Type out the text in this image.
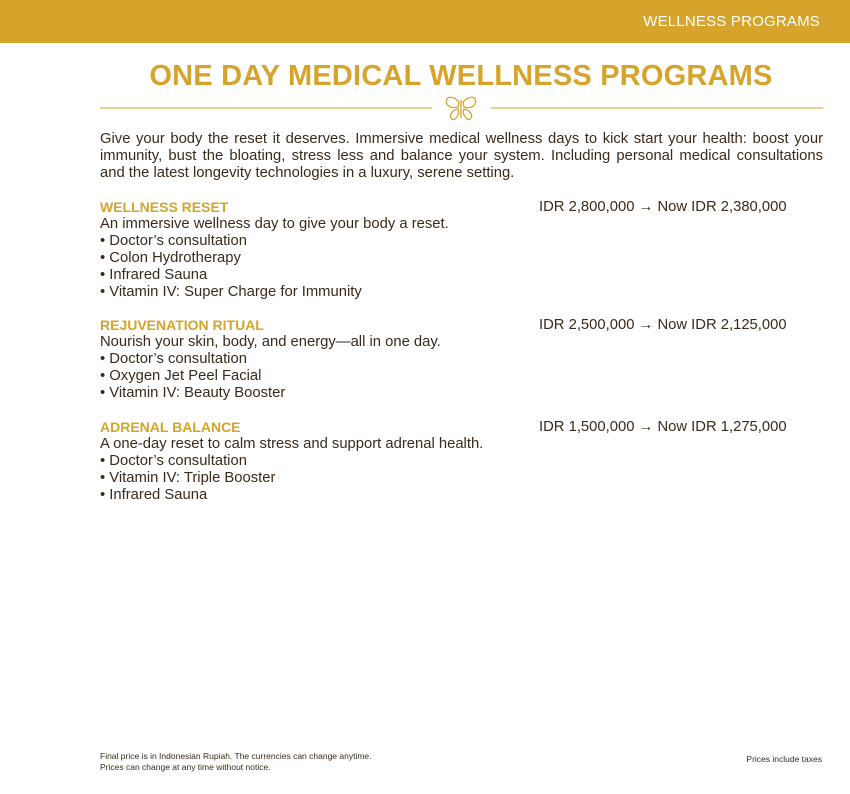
WELLNESS PROGRAMS
ONE DAY MEDICAL WELLNESS PROGRAMS

Give your body the reset it deserves. Immersive medical wellness days to kick start your health: boost your immunity, bust the bloating, stress less and balance your system. Including personal medical consultations and the latest longevity technologies in a luxury, serene setting.

WELLNESS RESET	IDR 2,800,000 → Now IDR 2,380,000
An immersive wellness day to give your body a reset.
• Doctor’s consultation
• Colon Hydrotherapy
• Infrared Sauna
• Vitamin IV: Super Charge for Immunity
REJUVENATION RITUAL	IDR 2,500,000 → Now IDR 2,125,000
Nourish your skin, body, and energy—all in one day.
• Doctor’s consultation
• Oxygen Jet Peel Facial
• Vitamin IV: Beauty Booster
ADRENAL BALANCE	IDR 1,500,000 → Now IDR 1,275,000
A one-day reset to calm stress and support adrenal health.
• Doctor’s consultation
• Vitamin IV: Triple Booster
• Infrared Sauna
Final price is in Indonesian Rupiah. The currencies can change anytime.
Prices can change at any time without notice.
Prices include taxes
